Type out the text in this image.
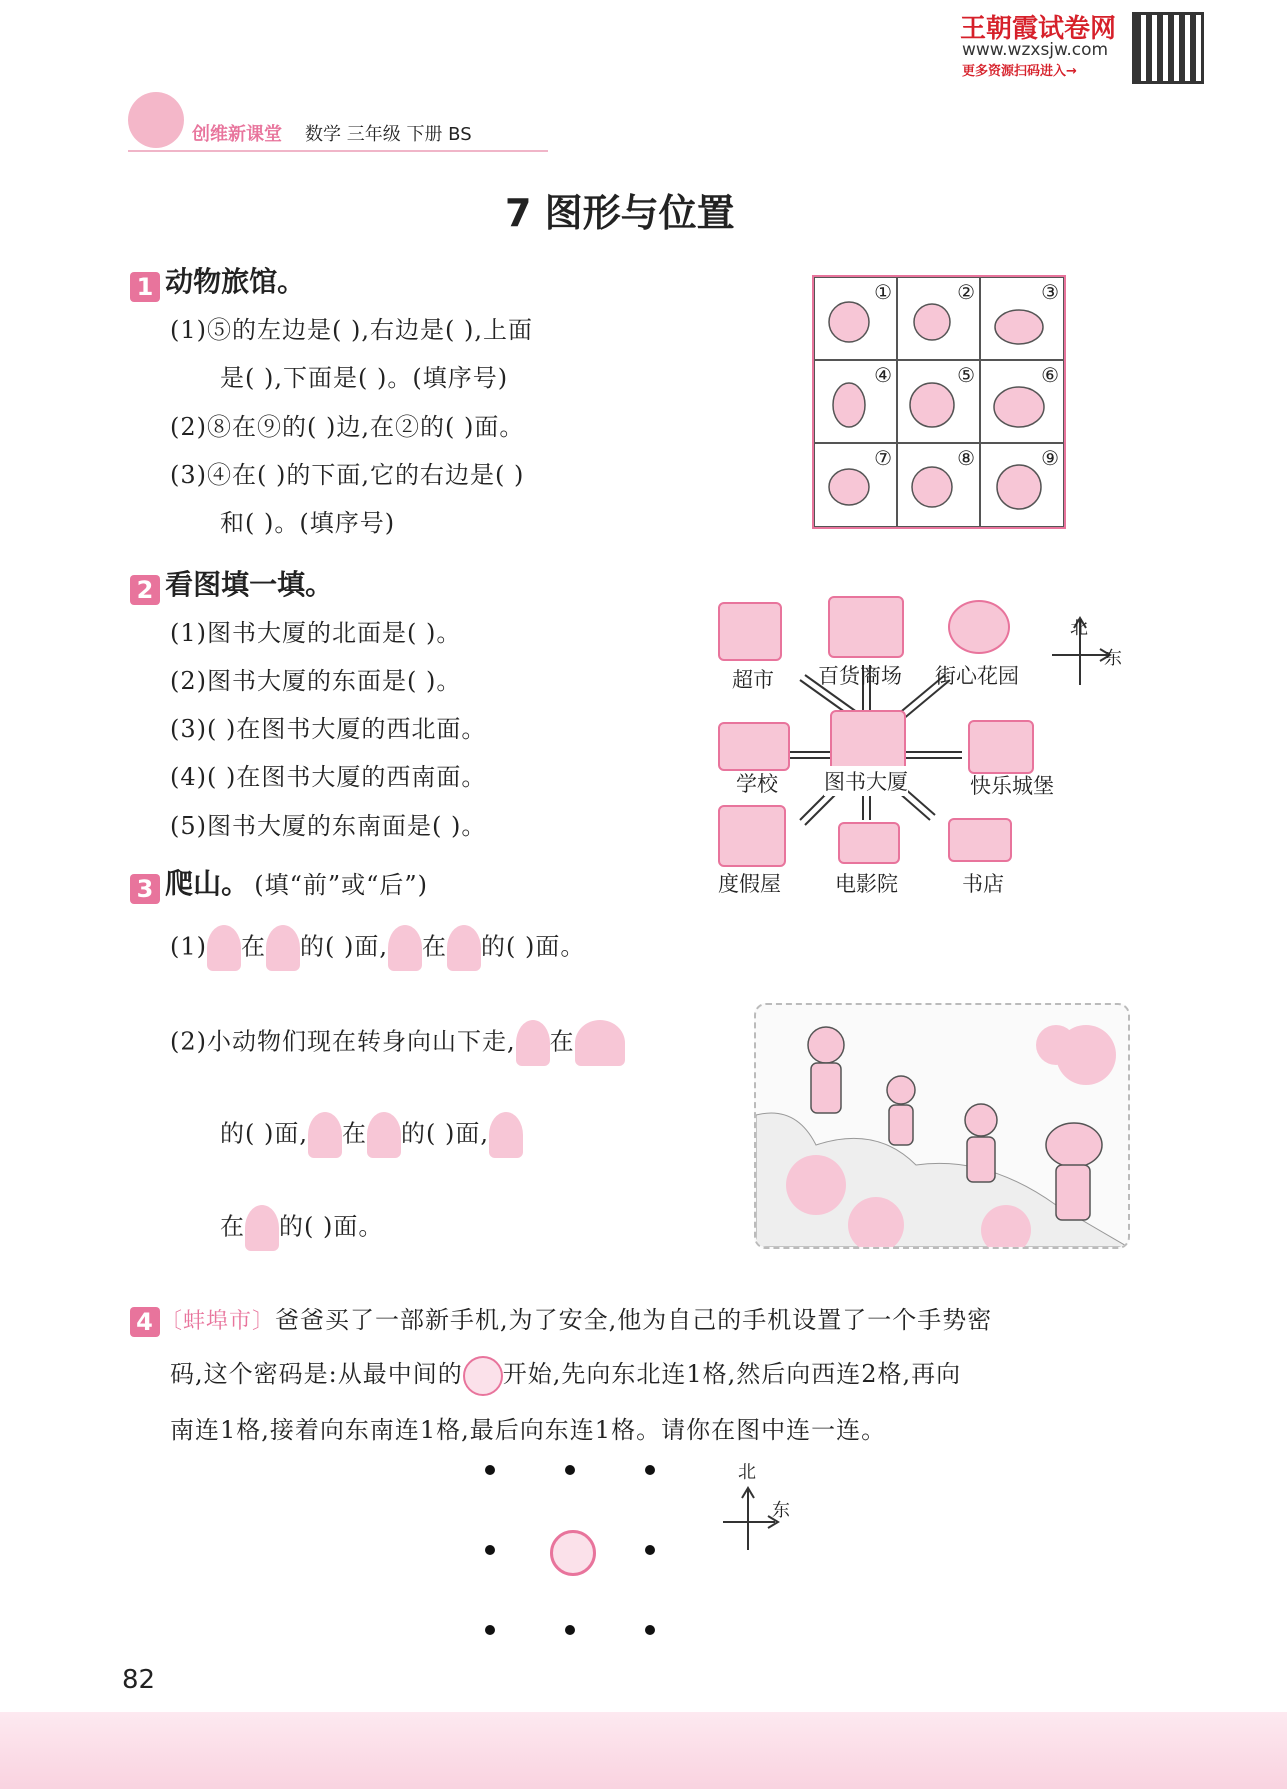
王朝霞试卷网
www.wzxsjw.com
更多资源扫码进入→
创维新课堂 数学 三年级 下册 BS
7 图形与位置
1 动物旅馆。
(1)⑤的左边是( ),右边是( ),上面
是( ),下面是( )。(填序号)
(2)⑧在⑨的( )边,在②的( )面。
(3)④在( )的下面,它的右边是( )
和( )。(填序号)
①	②	③
④	⑤	⑥
⑦	⑧	⑨
2 看图填一填。
(1)图书大厦的北面是( )。
(2)图书大厦的东面是( )。
(3)( )在图书大厦的西北面。
(4)( )在图书大厦的西南面。
(5)图书大厦的东南面是( )。
超市 百货商场 街心花园
学校 图书大厦	快乐城堡
度假屋	电影院	书店
北
东
3 爬山。 (填“前”或“后”)
(1) 在 的( )面, 在 的( )面。
(2)小动物们现在转身向山下走, 在
的( )面, 在 的( )面,
在 的( )面。
4 〔蚌埠市〕爸爸买了一部新手机,为了安全,他为自己的手机设置了一个手势密
码,这个密码是:从最中间的 开始,先向东北连1格,然后向西连2格,再向
南连1格,接着向东南连1格,最后向东连1格。请你在图中连一连。
北
东
82
